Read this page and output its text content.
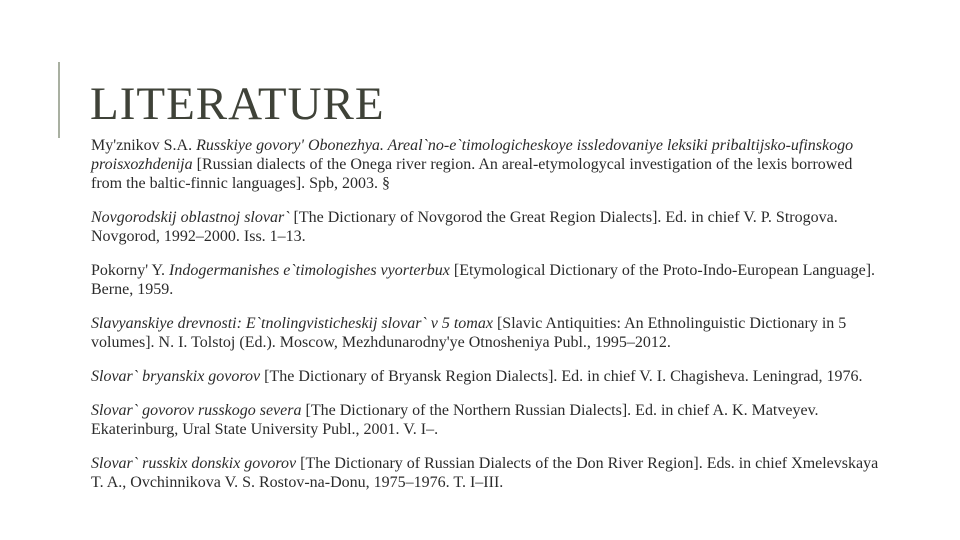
LITERATURE
My'znikov S.A. Russkiye govory' Obonezhya. Areal`no-e`timologicheskoye issledovaniye leksiki pribaltijsko-ufinskogo proisxozhdenija [Russian dialects of the Onega river region. An areal-etymologycal investigation of the lexis borrowed from the baltic-finnic languages]. Spb, 2003. §
Novgorodskij oblastnoj slovar` [The Dictionary of Novgorod the Great Region Dialects]. Ed. in chief V. P. Strogova. Novgorod, 1992–2000. Iss. 1–13.
Pokorny' Y. Indogermanishes e`timologishes vyorterbux [Etymological Dictionary of the Proto-Indo-European Language]. Berne, 1959.
Slavyanskiye drevnosti: E`tnolingvisticheskij slovar` v 5 tomax [Slavic Antiquities: An Ethnolinguistic Dictionary in 5 volumes]. N. I. Tolstoj (Ed.). Moscow, Mezhdunarodny'ye Otnosheniya Publ., 1995–2012.
Slovar` bryanskix govorov [The Dictionary of Bryansk Region Dialects]. Ed. in chief V. I. Chagisheva. Leningrad, 1976.
Slovar` govorov russkogo severa [The Dictionary of the Northern Russian Dialects]. Ed. in chief A. K. Matveyev. Ekaterinburg, Ural State University Publ., 2001. V. I–.
Slovar` russkix donskix govorov [The Dictionary of Russian Dialects of the Don River Region]. Eds. in chief Xmelevskaya T. A., Ovchinnikova V. S. Rostov-na-Donu, 1975–1976. T. I–III.
